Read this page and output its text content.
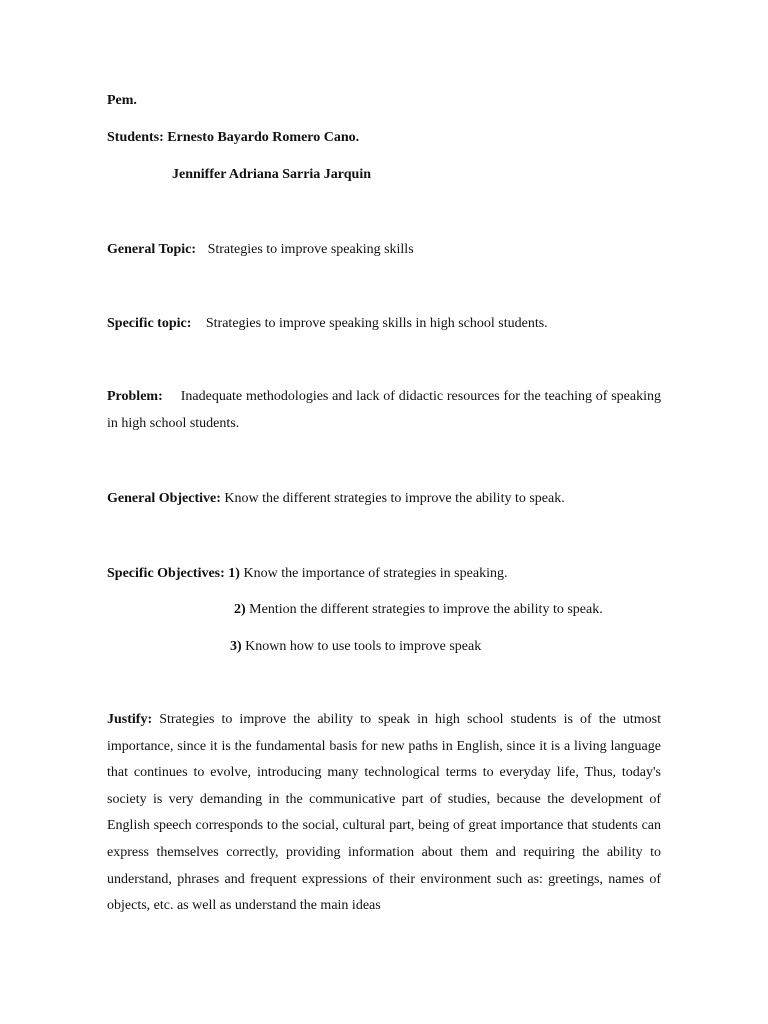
Pem.
Students: Ernesto Bayardo Romero Cano.
Jenniffer Adriana Sarria Jarquin
General Topic: Strategies to improve speaking skills
Specific topic: Strategies to improve speaking skills in high school students.
Problem: Inadequate methodologies and lack of didactic resources for the teaching of speaking in high school students.
General Objective: Know the different strategies to improve the ability to speak.
Specific Objectives: 1) Know the importance of strategies in speaking.
2) Mention the different strategies to improve the ability to speak.
3) Known how to use tools to improve speak
Justify: Strategies to improve the ability to speak in high school students is of the utmost importance, since it is the fundamental basis for new paths in English, since it is a living language that continues to evolve, introducing many technological terms to everyday life, Thus, today's society is very demanding in the communicative part of studies, because the development of English speech corresponds to the social, cultural part, being of great importance that students can express themselves correctly, providing information about them and requiring the ability to understand, phrases and frequent expressions of their environment such as: greetings, names of objects, etc. as well as understand the main ideas
